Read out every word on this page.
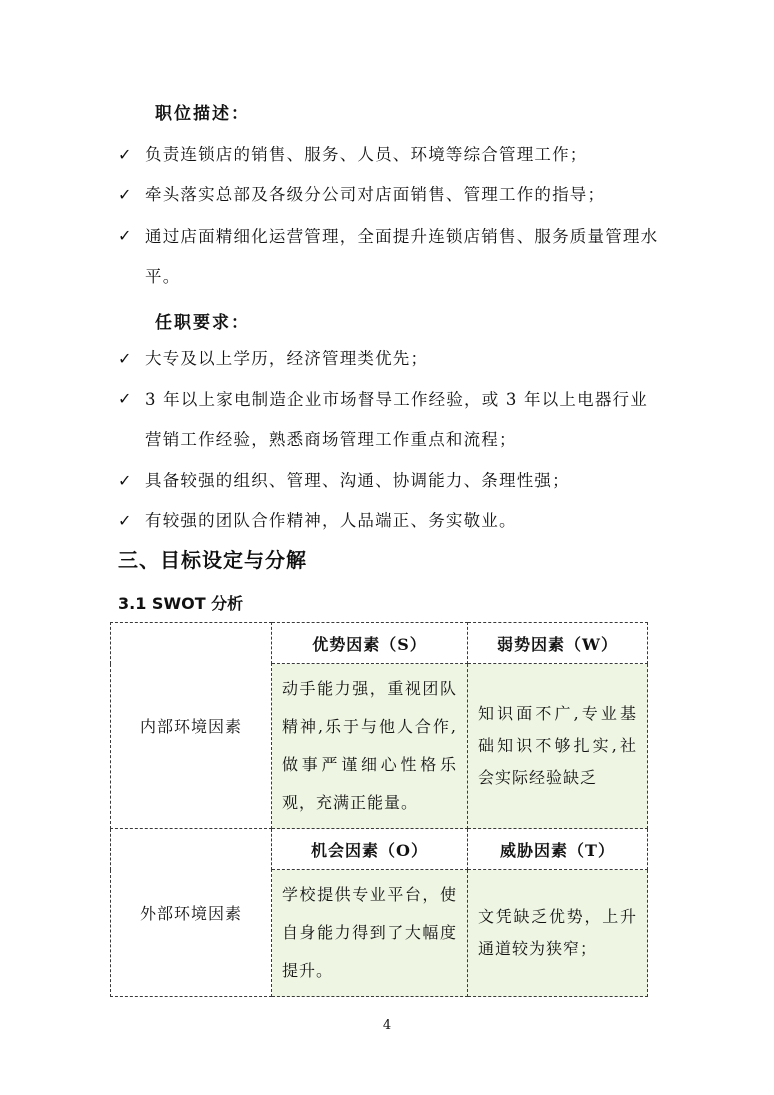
职位描述：
✓ 负责连锁店的销售、服务、人员、环境等综合管理工作；
✓ 牵头落实总部及各级分公司对店面销售、管理工作的指导；
✓ 通过店面精细化运营管理，全面提升连锁店销售、服务质量管理水平。
任职要求：
✓ 大专及以上学历，经济管理类优先；
✓ 3 年以上家电制造企业市场督导工作经验，或 3 年以上电器行业营销工作经验，熟悉商场管理工作重点和流程；
✓ 具备较强的组织、管理、沟通、协调能力、条理性强；
✓ 有较强的团队合作精神，人品端正、务实敬业。
三、目标设定与分解
3.1 SWOT 分析
内部环境因素	优势因素（S）	弱势因素（W）
	动手能力强，重视团队精神,乐于与他人合作,做事严谨细心性格乐观，充满正能量。	知识面不广,专业基础知识不够扎实,社会实际经验缺乏
外部环境因素	机会因素（O）	威胁因素（T）
	学校提供专业平台，使自身能力得到了大幅度提升。	文凭缺乏优势，上升通道较为狭窄；
4
